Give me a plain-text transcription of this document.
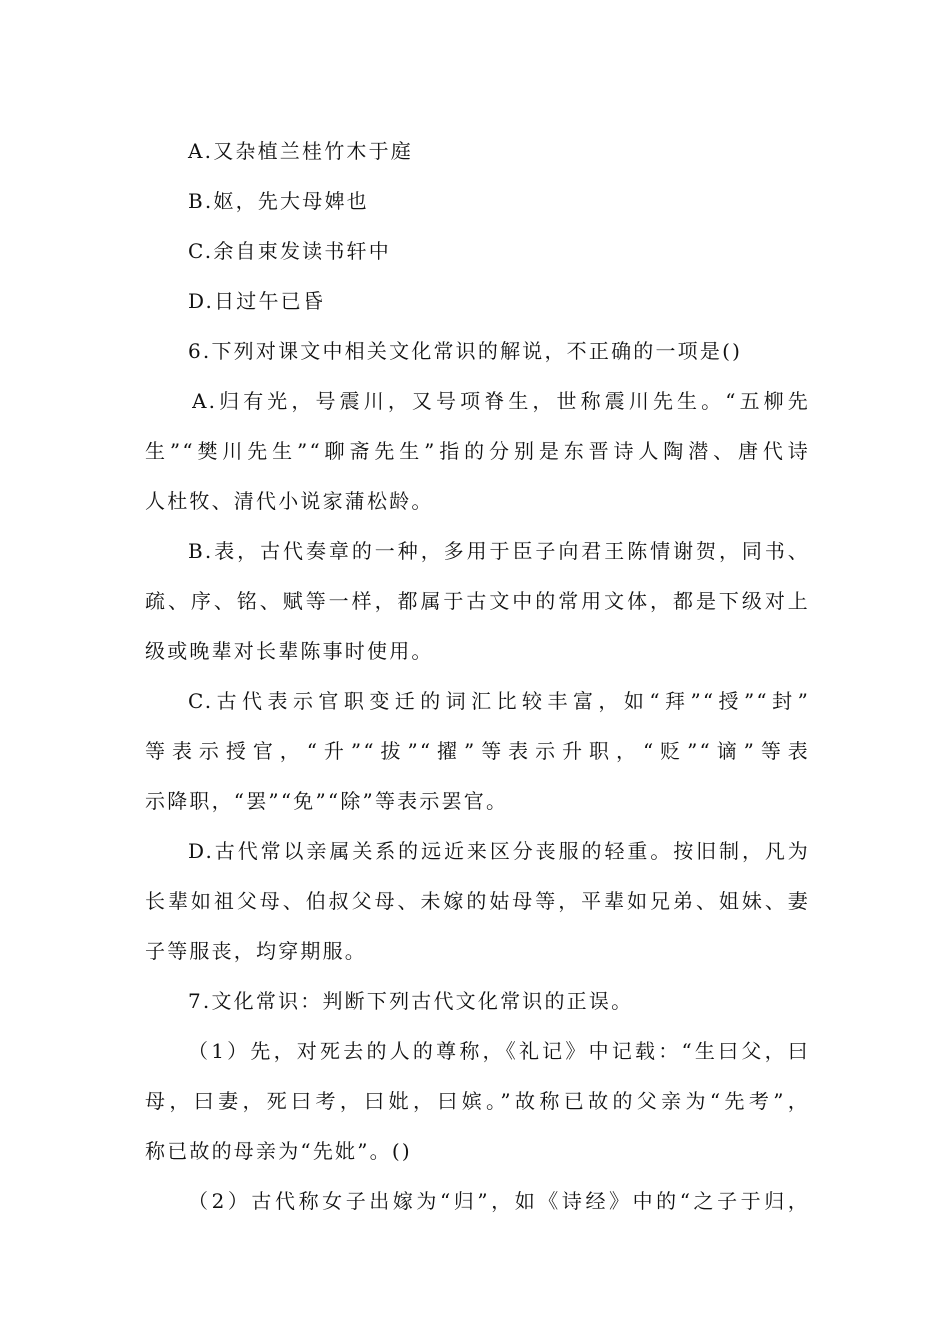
A.又杂植兰桂竹木于庭
B.妪，先大母婢也
C.余自束发读书轩中
D.日过午已昏
6.下列对课文中相关文化常识的解说，不正确的一项是()
A.归有光，号震川，又号项脊生，世称震川先生。“五柳先
生”“樊川先生”“聊斋先生”指的分别是东晋诗人陶潜、唐代诗
人杜牧、清代小说家蒲松龄。
B.表，古代奏章的一种，多用于臣子向君王陈情谢贺，同书、
疏、序、铭、赋等一样，都属于古文中的常用文体，都是下级对上
级或晚辈对长辈陈事时使用。
C.古代表示官职变迁的词汇比较丰富，如“拜”“授”“封”
等表示授官，“升”“拔”“擢”等表示升职，“贬”“谪”等表
示降职，“罢”“免”“除”等表示罢官。
D.古代常以亲属关系的远近来区分丧服的轻重。按旧制，凡为
长辈如祖父母、伯叔父母、未嫁的姑母等，平辈如兄弟、姐妹、妻
子等服丧，均穿期服。
7.文化常识：判断下列古代文化常识的正误。
（1）先，对死去的人的尊称，《礼记》中记载：“生曰父，曰
母，曰妻，死曰考，曰妣，曰嫔。”故称已故的父亲为“先考”，
称已故的母亲为“先妣”。()
（2）古代称女子出嫁为“归”，如《诗经》中的“之子于归，
